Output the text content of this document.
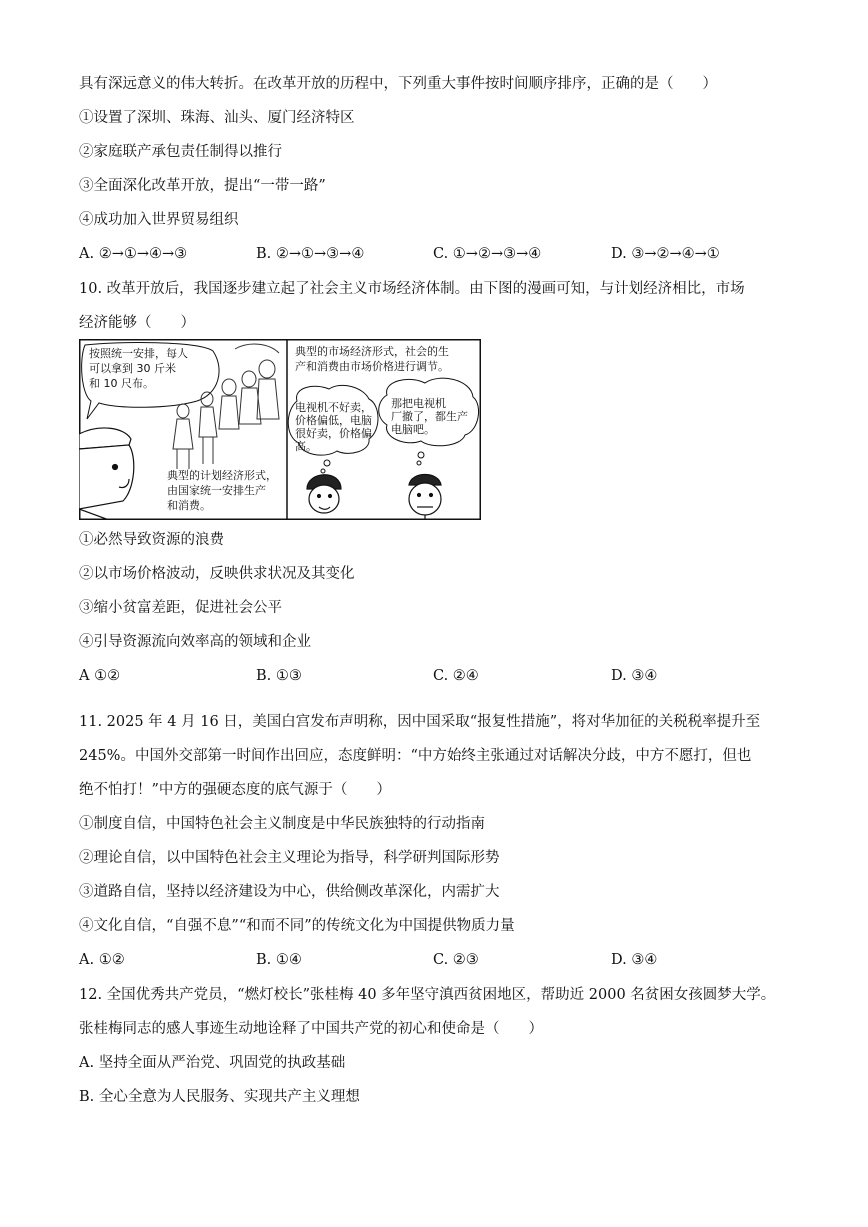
具有深远意义的伟大转折。在改革开放的历程中，下列重大事件按时间顺序排序，正确的是（　　）
①设置了深圳、珠海、汕头、厦门经济特区
②家庭联产承包责任制得以推行
③全面深化改革开放，提出“一带一路”
④成功加入世界贸易组织
A. ②→①→④→③	B. ②→①→③→④	C. ①→②→③→④	D. ③→②→④→①
10. 改革开放后，我国逐步建立起了社会主义市场经济体制。由下图的漫画可知，与计划经济相比，市场
经济能够（　　）
按照统一安排，每人
可以拿到 30 斤米
和 10 尺布。
典型的计划经济形式，
由国家统一安排生产
和消费。
典型的市场经济形式，社会的生
产和消费由市场价格进行调节。
电视机不好卖，
价格偏低，电脑
很好卖，价格偏
高。
那把电视机
厂撤了，都生产
电脑吧。
①必然导致资源的浪费
②以市场价格波动，反映供求状况及其变化
③缩小贫富差距，促进社会公平
④引导资源流向效率高的领域和企业
A ①②	B. ①③	C. ②④	D. ③④
11. 2025 年 4 月 16 日，美国白宫发布声明称，因中国采取“报复性措施”，将对华加征的关税税率提升至
245%。中国外交部第一时间作出回应，态度鲜明：“中方始终主张通过对话解决分歧，中方不愿打，但也
绝不怕打！”中方的强硬态度的底气源于（　　）
①制度自信，中国特色社会主义制度是中华民族独特的行动指南
②理论自信，以中国特色社会主义理论为指导，科学研判国际形势
③道路自信，坚持以经济建设为中心，供给侧改革深化，内需扩大
④文化自信，“自强不息”“和而不同”的传统文化为中国提供物质力量
A. ①②	B. ①④	C. ②③	D. ③④
12. 全国优秀共产党员，“燃灯校长”张桂梅 40 多年坚守滇西贫困地区，帮助近 2000 名贫困女孩圆梦大学。
张桂梅同志的感人事迹生动地诠释了中国共产党的初心和使命是（　　）
A. 坚持全面从严治党、巩固党的执政基础
B. 全心全意为人民服务、实现共产主义理想
